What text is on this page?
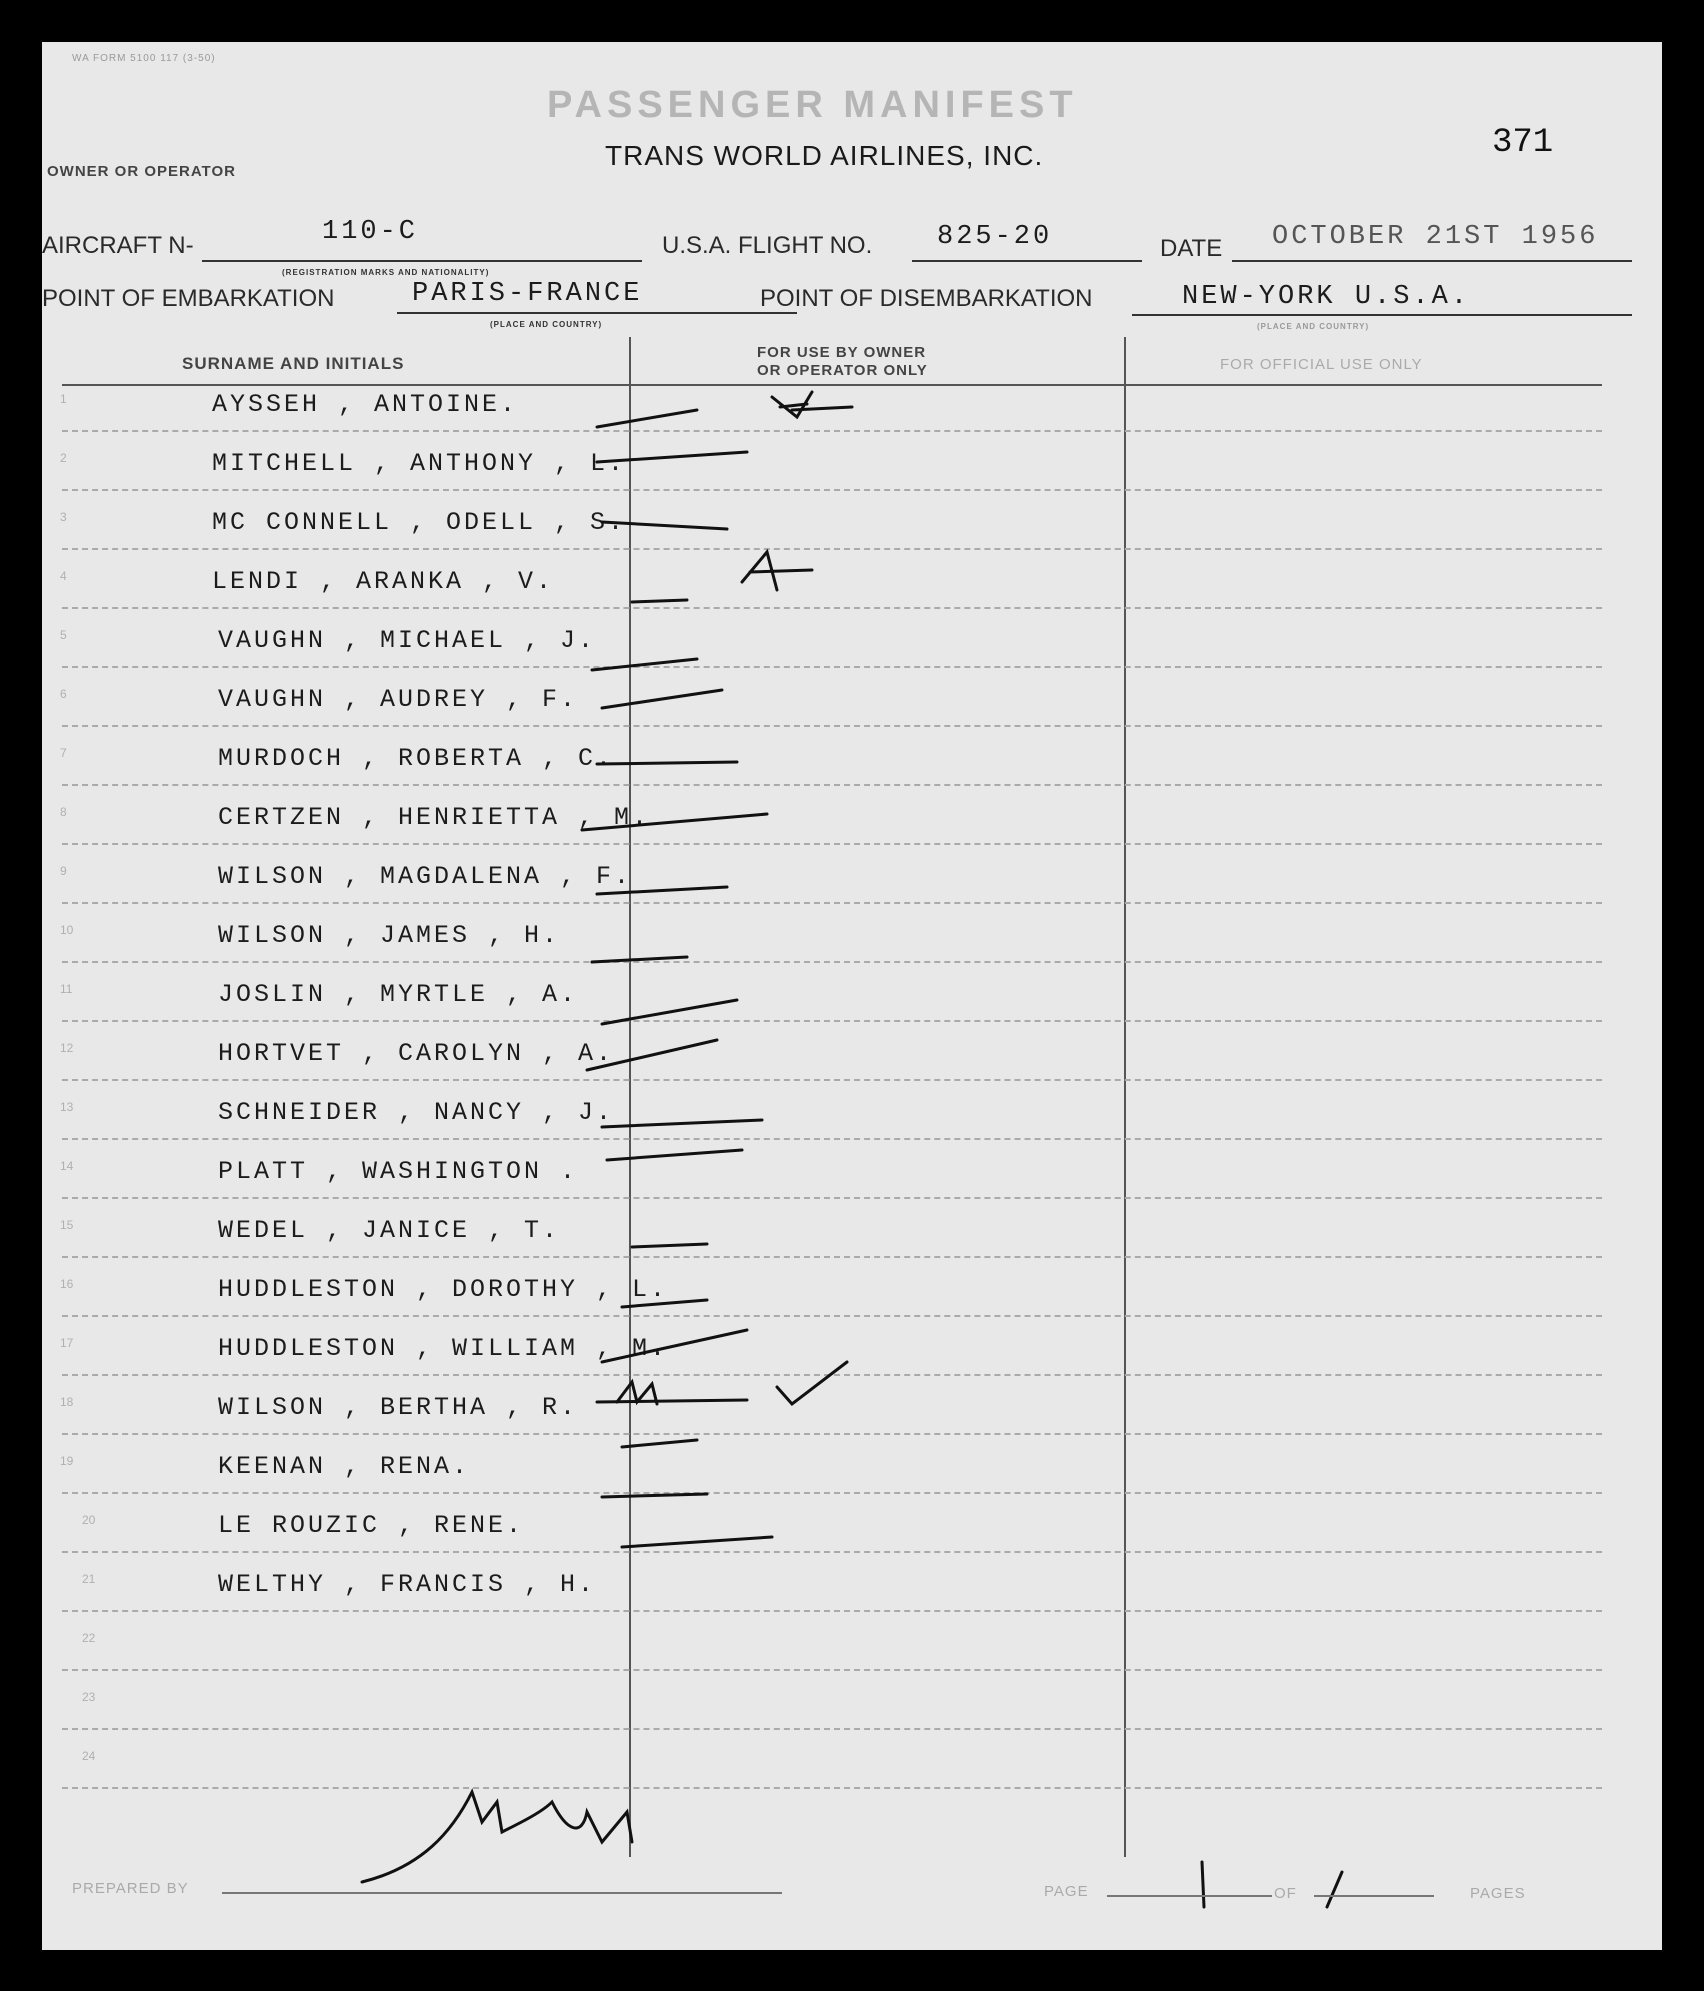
WA FORM 5100 117 (3-50)
PASSENGER MANIFEST
TRANS WORLD AIRLINES, INC.
OWNER OR OPERATOR
371
AIRCRAFT N-	110-C
(REGISTRATION MARKS AND NATIONALITY)
U.S.A. FLIGHT NO. 825-20	DATE OCTOBER 21ST 1956
POINT OF EMBARKATION	PARIS-FRANCE
(PLACE AND COUNTRY)
POINT OF DISEMBARKATION	NEW-YORK U.S.A.
(PLACE AND COUNTRY)
SURNAME AND INITIALS
FOR USE BY OWNER
OR OPERATOR ONLY	FOR OFFICIAL USE ONLY
1	AYSSEH , ANTOINE.
2	MITCHELL , ANTHONY , L.
3	MC CONNELL , ODELL , S.
4	LENDI , ARANKA , V.
5	VAUGHN , MICHAEL , J.
6	VAUGHN , AUDREY , F.
7	MURDOCH , ROBERTA , C.
8	CERTZEN , HENRIETTA , M.
9	WILSON , MAGDALENA , F.
10	WILSON , JAMES , H.
11	JOSLIN , MYRTLE , A.
12	HORTVET , CAROLYN , A.
13	SCHNEIDER , NANCY , J.
14	PLATT , WASHINGTON .
15	WEDEL , JANICE , T.
16	HUDDLESTON , DOROTHY , L.
17	HUDDLESTON , WILLIAM , M.
18	WILSON , BERTHA , R.
19	KEENAN , RENA.
20	LE ROUZIC , RENE.
21	WELTHY , FRANCIS , H.
22
23
24
PREPARED BY	PAGE	OF	PAGES
